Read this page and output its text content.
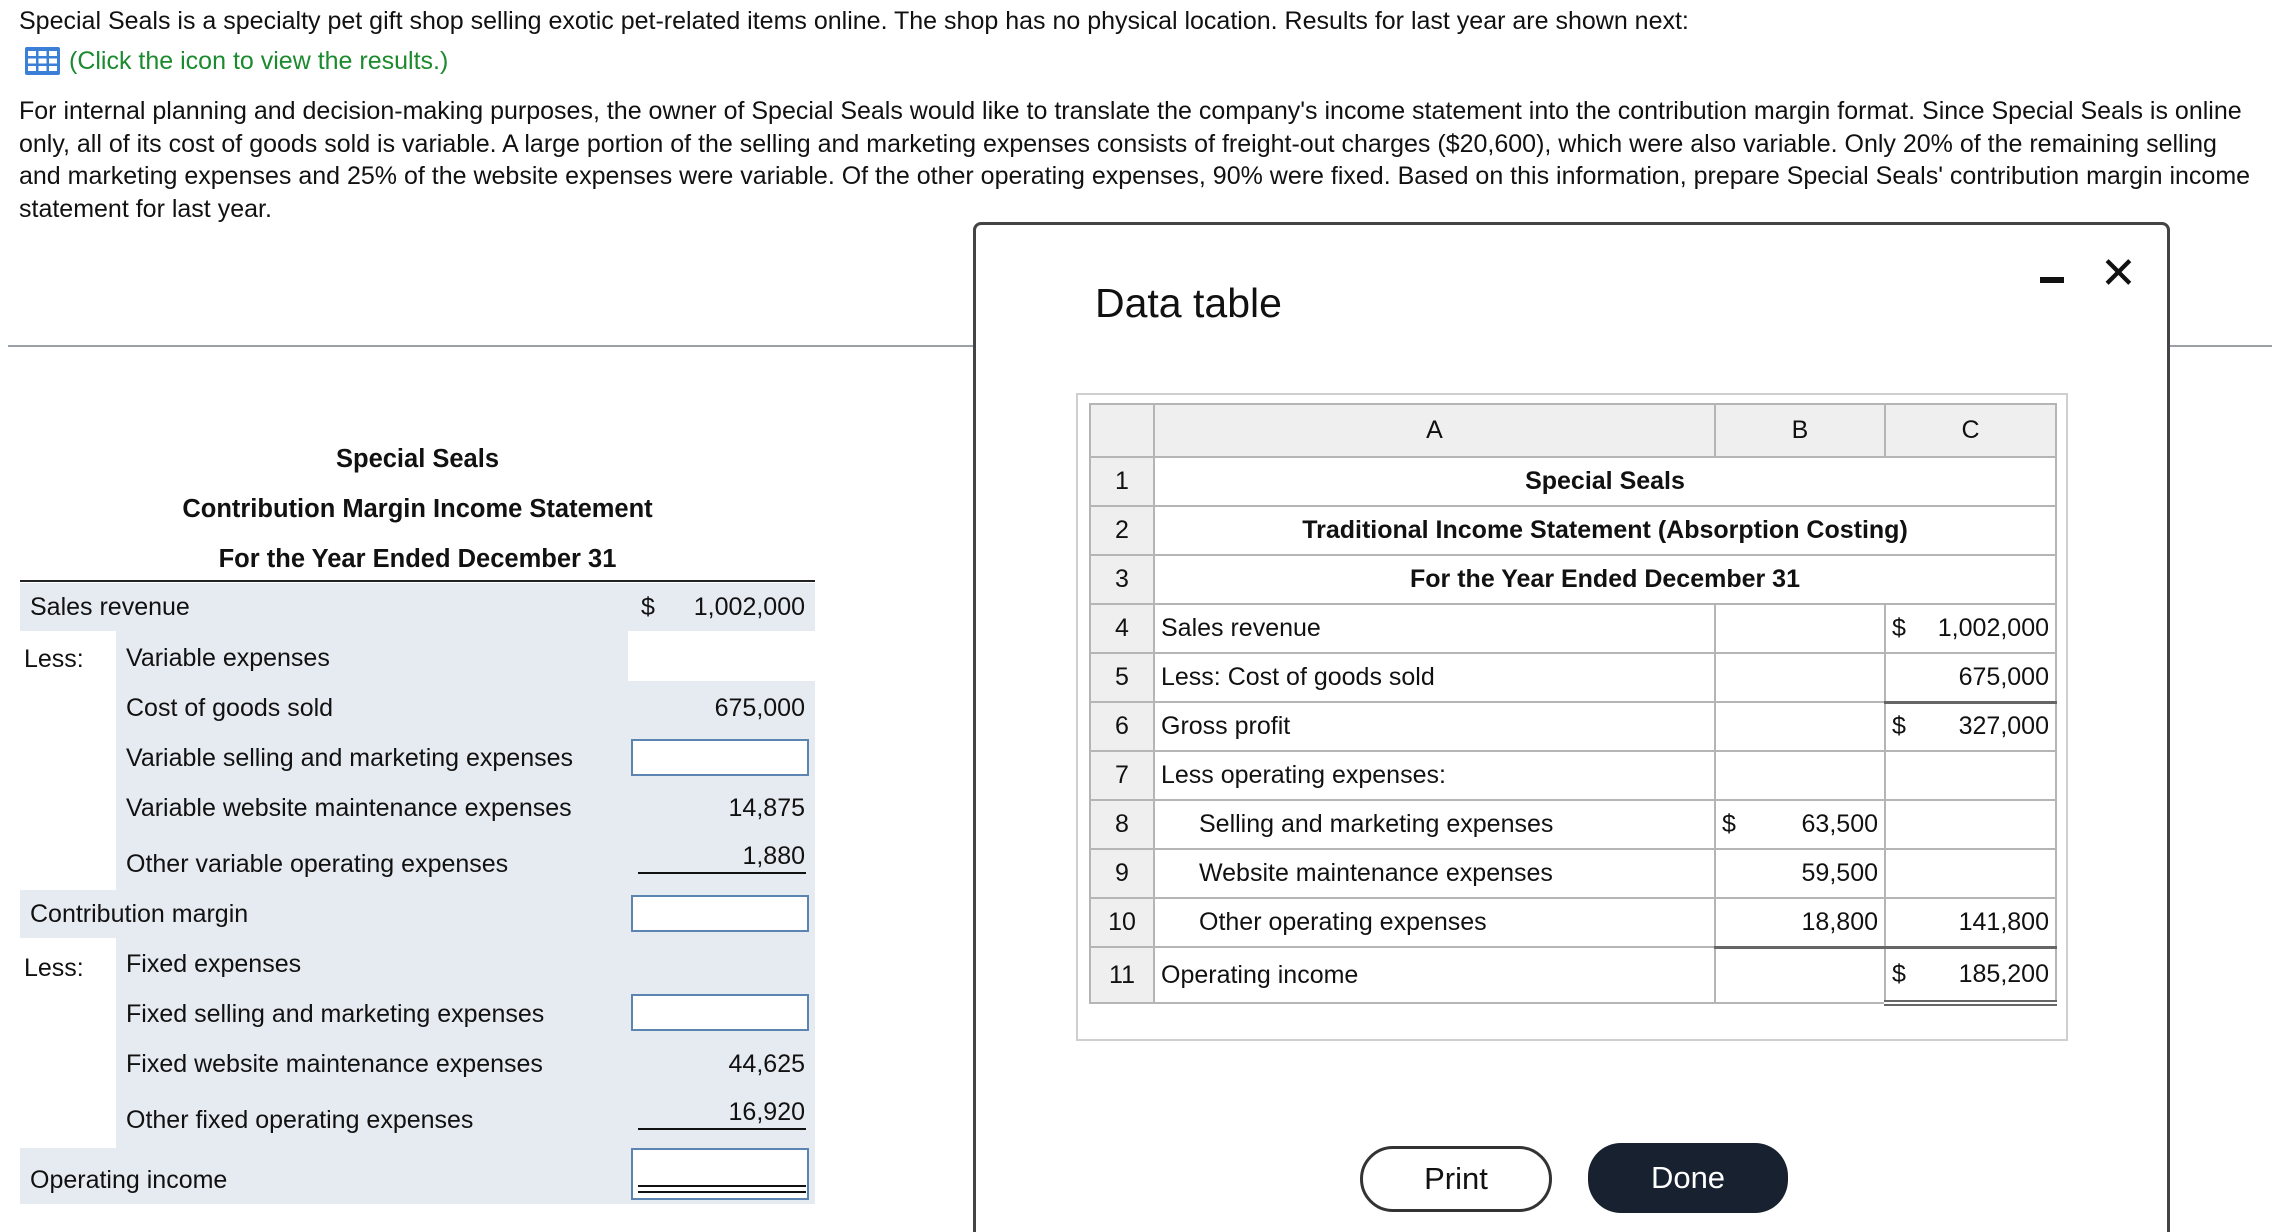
Special Seals is a specialty pet gift shop selling exotic pet-related items online. The shop has no physical location. Results for last year are shown next:
(Click the icon to view the results.)
For internal planning and decision-making purposes, the owner of Special Seals would like to translate the company's income statement into the contribution margin format. Since Special Seals is online only, all of its cost of goods sold is variable. A large portion of the selling and marketing expenses consists of freight-out charges ($20,600), which were also variable. Only 20% of the remaining selling and marketing expenses and 25% of the website expenses were variable. Of the other operating expenses, 90% were fixed. Based on this information, prepare Special Seals' contribution margin income statement for last year.
Special Seals
Contribution Margin Income Statement
For the Year Ended December 31
Sales revenue	$ 1,002,000
Less: Variable expenses
Cost of goods sold	675,000
Variable selling and marketing expenses
Variable website maintenance expenses	14,875
Other variable operating expenses	1,880
Contribution margin
Less: Fixed expenses
Fixed selling and marketing expenses
Fixed website maintenance expenses	44,625
Other fixed operating expenses	16,920
Operating income
Data table
✕
	A	B	C
1	Special Seals		
2	Traditional Income Statement (Absorption Costing)		
3	For the Year Ended December 31		
4	Sales revenue		$ 1,002,000

5	Less: Cost of goods sold		675,000
6	Gross profit		$ 327,000

7	Less operating expenses:		
8	Selling and marketing expenses	$ 63,500	

9	Website maintenance expenses	59,500	
10	Other operating expenses	18,800	141,800
11	Operating income		$ 185,200
Print	Done
